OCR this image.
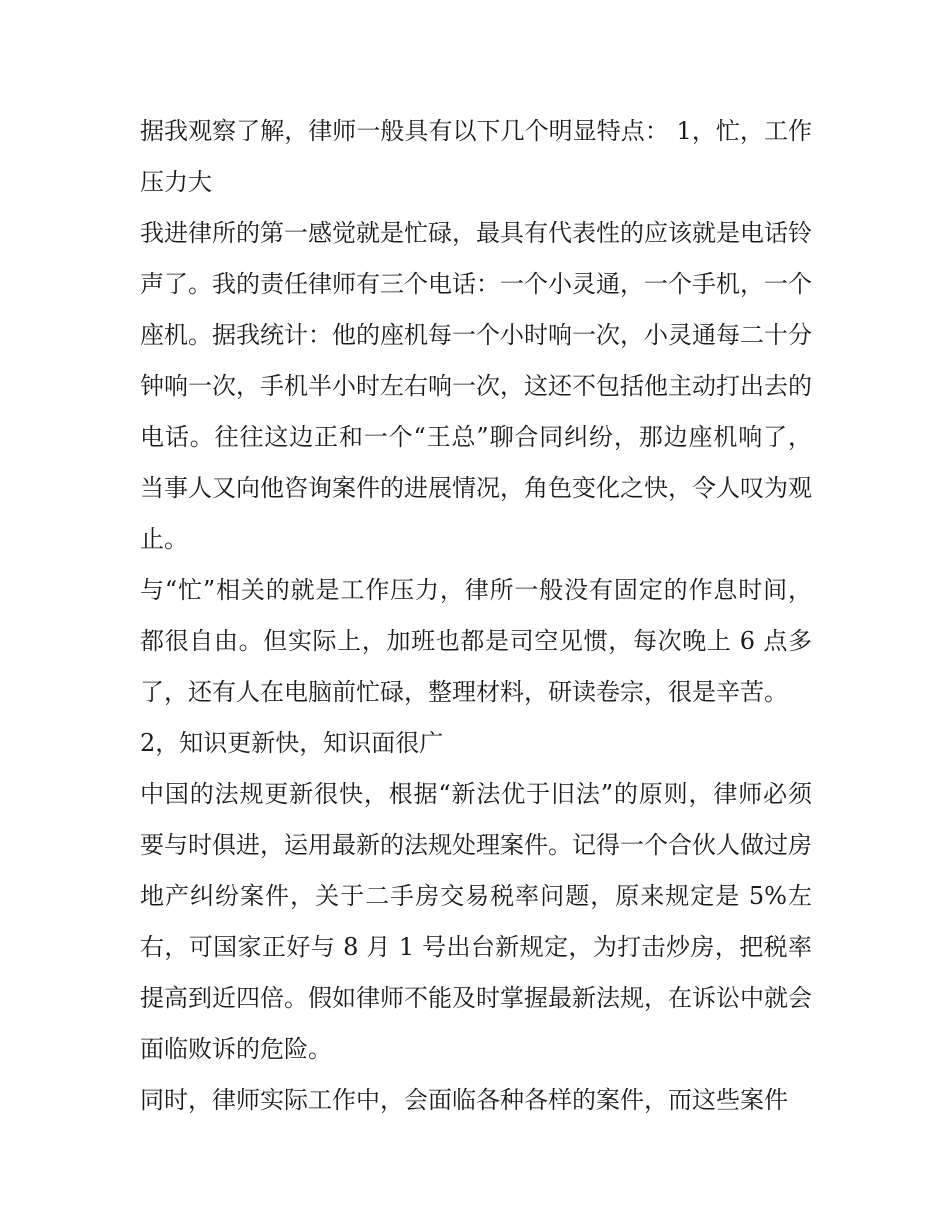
据我观察了解，律师一般具有以下几个明显特点： 1，忙，工作压力大

我进律所的第一感觉就是忙碌，最具有代表性的应该就是电话铃声了。我的责任律师有三个电话：一个小灵通，一个手机，一个座机。据我统计：他的座机每一个小时响一次，小灵通每二十分钟响一次，手机半小时左右响一次，这还不包括他主动打出去的电话。往往这边正和一个“王总”聊合同纠纷，那边座机响了，当事人又向他咨询案件的进展情况，角色变化之快，令人叹为观止。

与“忙”相关的就是工作压力，律所一般没有固定的作息时间，都很自由。但实际上，加班也都是司空见惯，每次晚上 6 点多了，还有人在电脑前忙碌，整理材料，研读卷宗，很是辛苦。

2，知识更新快，知识面很广

中国的法规更新很快，根据“新法优于旧法”的原则，律师必须要与时俱进，运用最新的法规处理案件。记得一个合伙人做过房地产纠纷案件，关于二手房交易税率问题，原来规定是 5%左右，可国家正好与 8 月 1 号出台新规定，为打击炒房，把税率提高到近四倍。假如律师不能及时掌握最新法规，在诉讼中就会面临败诉的危险。

同时，律师实际工作中，会面临各种各样的案件，而这些案件
